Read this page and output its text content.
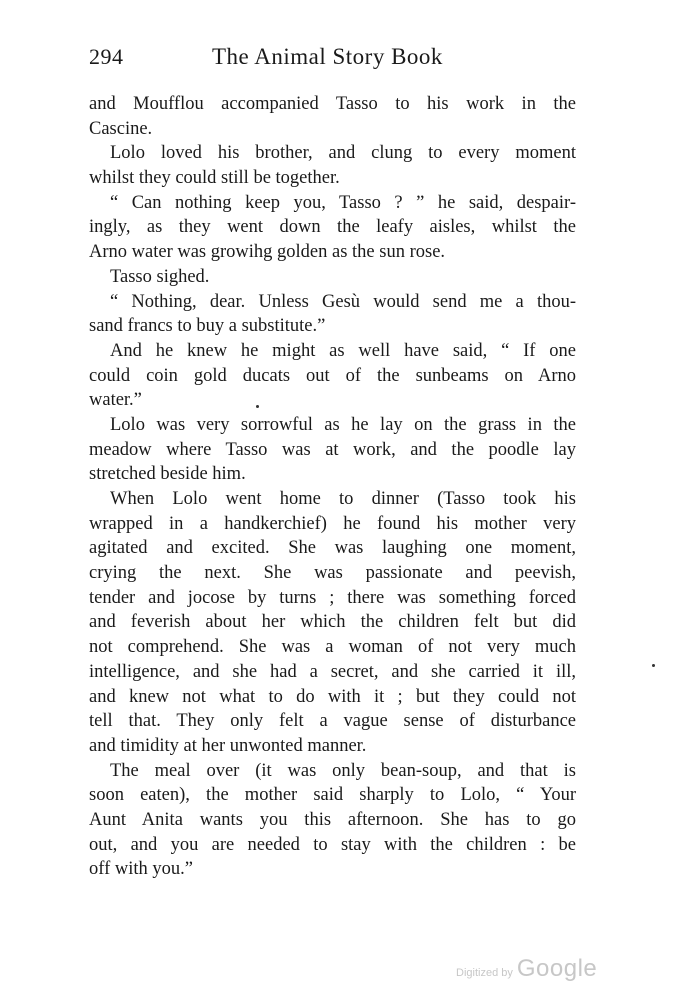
294	The Animal Story Book
and Moufflou accompanied Tasso to his work in the
Cascine.
Lolo loved his brother, and clung to every moment
whilst they could still be together.
“ Can nothing keep you, Tasso ? ” he said, despair-
ingly, as they went down the leafy aisles, whilst the
Arno water was growihg golden as the sun rose.
Tasso sighed.
“ Nothing, dear. Unless Gesù would send me a thou-
sand francs to buy a substitute.”
And he knew he might as well have said, “ If one
could coin gold ducats out of the sunbeams on Arno
water.”
Lolo was very sorrowful as he lay on the grass in the
meadow where Tasso was at work, and the poodle lay
stretched beside him.
When Lolo went home to dinner (Tasso took his
wrapped in a handkerchief) he found his mother very
agitated and excited. She was laughing one moment,
crying the next. She was passionate and peevish,
tender and jocose by turns ; there was something forced
and feverish about her which the children felt but did
not comprehend. She was a woman of not very much
intelligence, and she had a secret, and she carried it ill,
and knew not what to do with it ; but they could not
tell that. They only felt a vague sense of disturbance
and timidity at her unwonted manner.
The meal over (it was only bean-soup, and that is
soon eaten), the mother said sharply to Lolo, “ Your
Aunt Anita wants you this afternoon. She has to go
out, and you are needed to stay with the children : be
off with you.”
Digitized by Google
